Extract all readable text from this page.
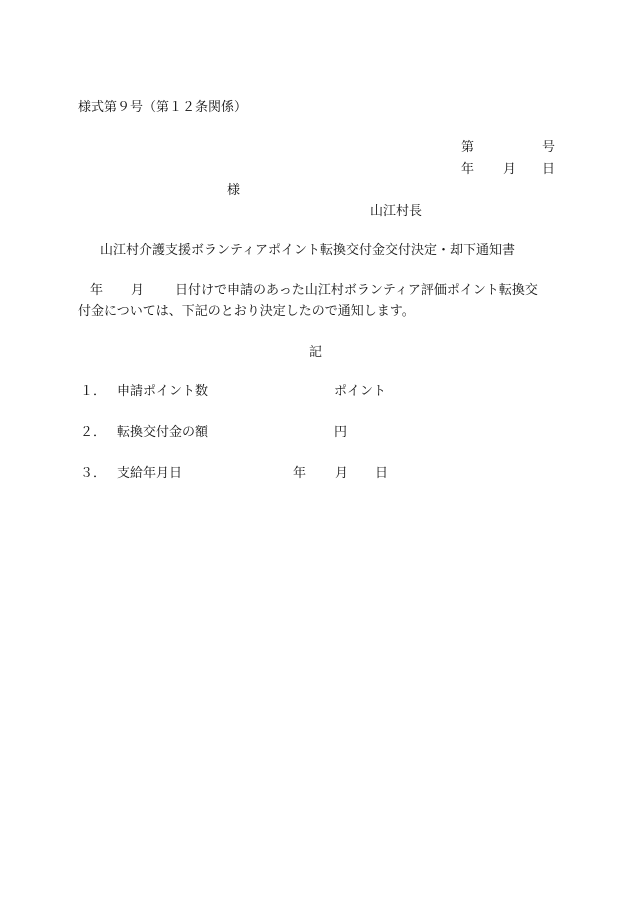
様式第９号（第１２条関係）
第	号
年 月 日
様
山江村長
山江村介護支援ボランティアポイント転換交付金交付決定・却下通知書
年 月 日付けで申請のあった山江村ボランティア評価ポイント転換交
付金については、下記のとおり決定したので通知します。
記
１． 申請ポイント数	ポイント
２． 転換交付金の額	円
３． 支給年月日	年 月 日
